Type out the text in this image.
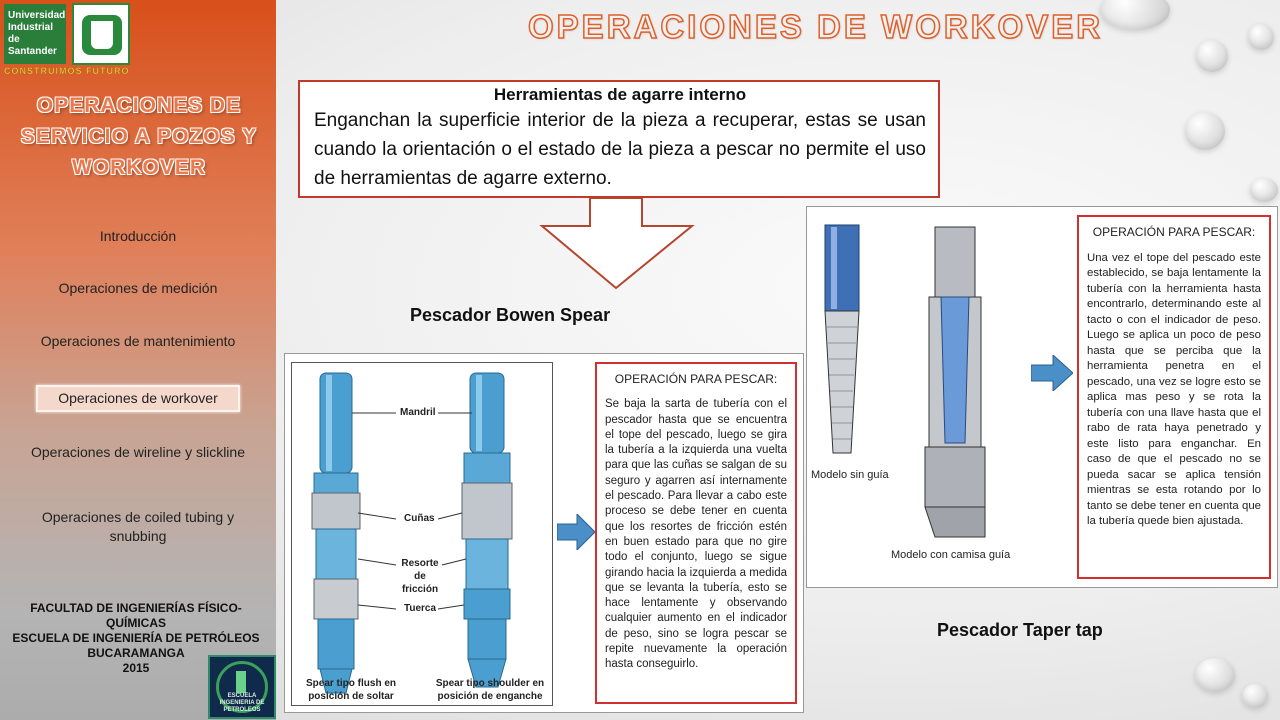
Universidad Industrial de Santander
CONSTRUIMOS FUTURO
OPERACIONES DE SERVICIO A POZOS Y WORKOVER
Introducción
Operaciones de medición
Operaciones de mantenimiento
Operaciones de workover
Operaciones de wireline y slickline
Operaciones de coiled tubing y snubbing
FACULTAD DE INGENIERÍAS FÍSICO-QUÍMICAS
ESCUELA DE INGENIERÍA DE PETRÓLEOS
BUCARAMANGA
2015
ESCUELA INGENIERIA DE PETROLEOS
OPERACIONES DE WORKOVER
Herramientas de agarre interno
Enganchan la superficie interior de la pieza a recuperar, estas se usan cuando la orientación o el estado de la pieza a pescar no permite el uso de herramientas de agarre externo.
Pescador Bowen Spear
Pescador Taper tap
Mandril
Cuñas
Resorte de fricción
Tuerca
Spear tipo flush en posición de soltar
Spear tipo shoulder en posición de enganche
OPERACIÓN PARA PESCAR:
Se baja la sarta de tubería con el pescador hasta que se encuentra el tope del pescado, luego se gira la tubería a la izquierda una vuelta para que las cuñas se salgan de su seguro y agarren así internamente el pescado. Para llevar a cabo este proceso se debe tener en cuenta que los resortes de fricción estén en buen estado para que no gire todo el conjunto, luego se sigue girando hacia la izquierda a medida que se levanta la tubería, esto se hace lentamente y observando cualquier aumento en el indicador de peso, sino se logra pescar se repite nuevamente la operación hasta conseguirlo.
Modelo sin guía
Modelo con camisa guía
OPERACIÓN PARA PESCAR:
Una vez el tope del pescado este establecido, se baja lentamente la tubería con la herramienta hasta encontrarlo, determinando este al tacto o con el indicador de peso. Luego se aplica un poco de peso hasta que se perciba que la herramienta penetra en el pescado, una vez se logre esto se aplica mas peso y se rota la tubería con una llave hasta que el rabo de rata haya penetrado y este listo para enganchar. En caso de que el pescado no se pueda sacar se aplica tensión mientras se esta rotando por lo tanto se debe tener en cuenta que la tubería quede bien ajustada.
